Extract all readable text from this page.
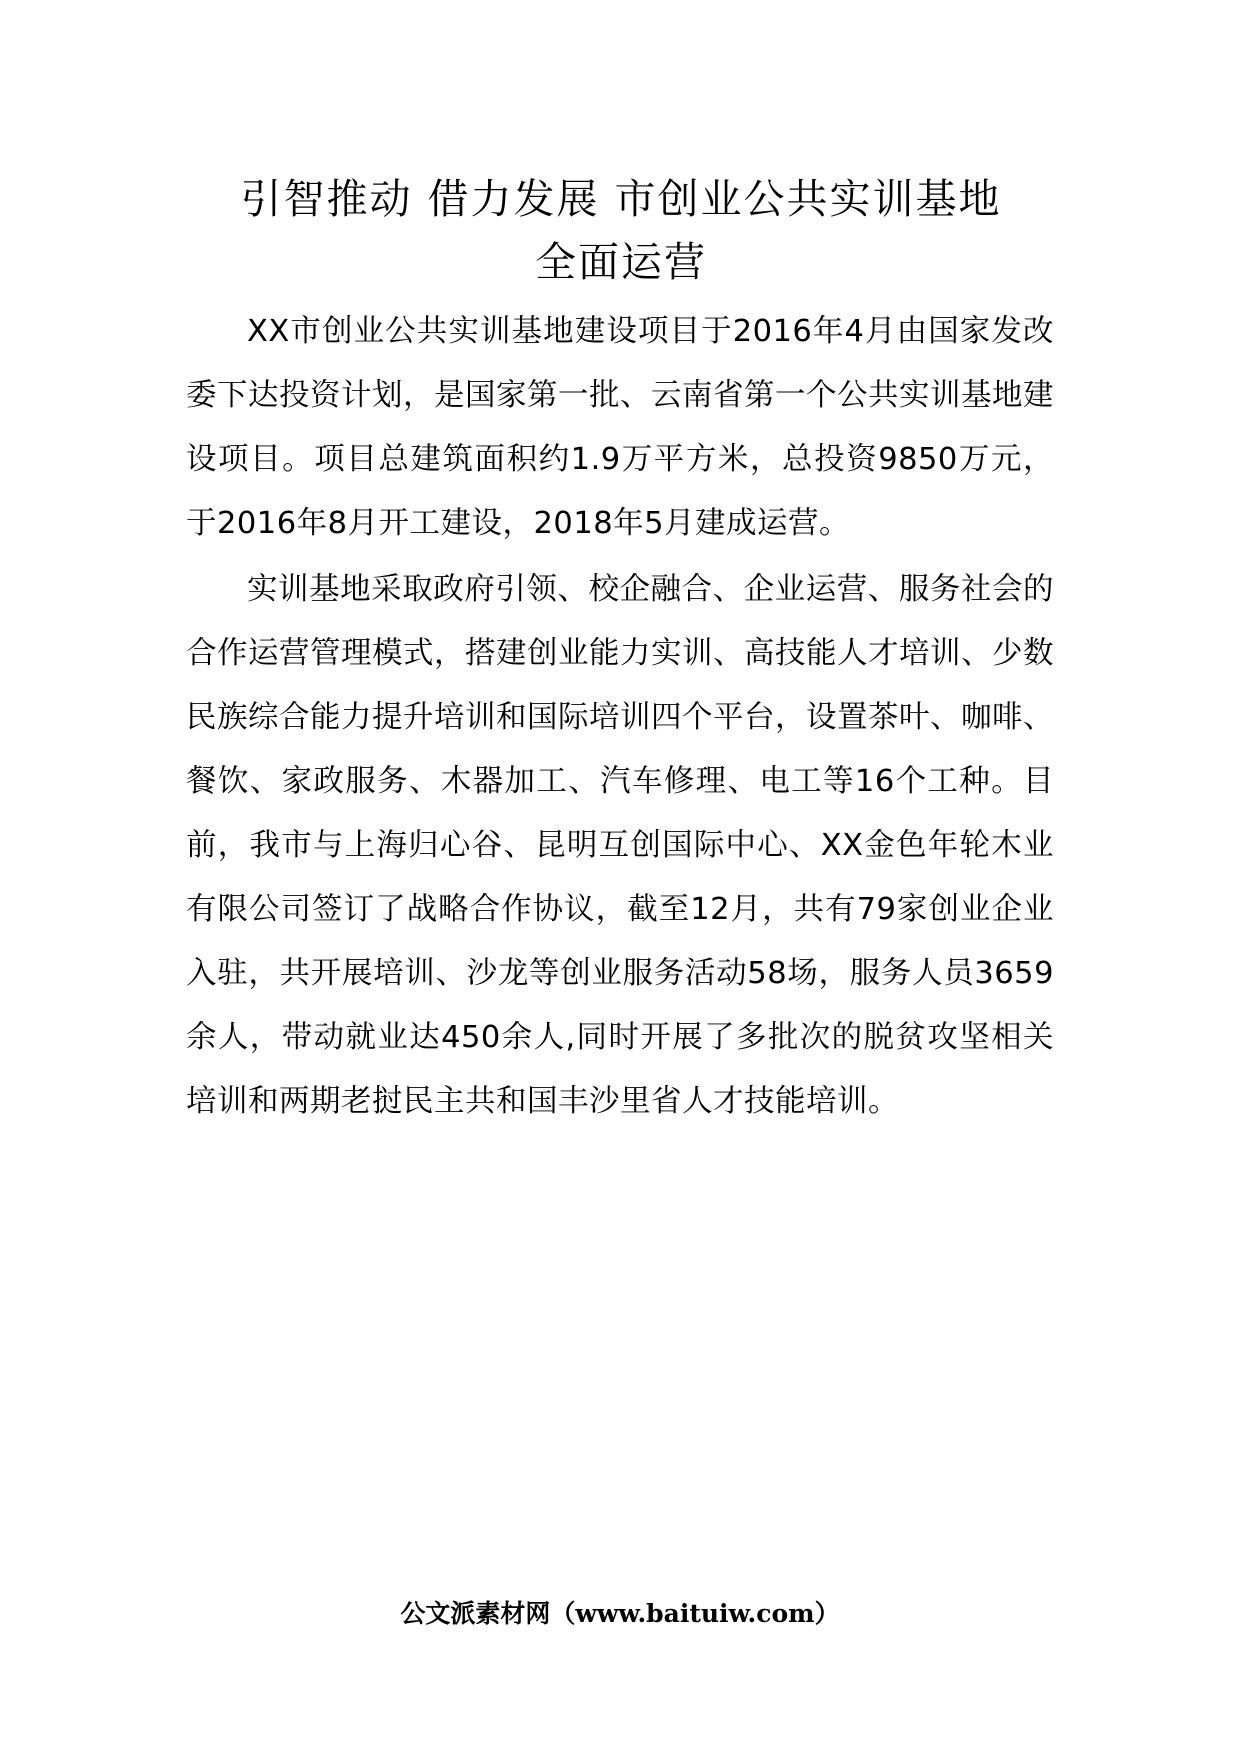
引智推动 借力发展 市创业公共实训基地
全面运营

XX市创业公共实训基地建设项目于2016年4月由国家发改委下达投资计划，是国家第一批、云南省第一个公共实训基地建设项目。项目总建筑面积约1.9万平方米，总投资9850万元，于2016年8月开工建设，2018年5月建成运营。

实训基地采取政府引领、校企融合、企业运营、服务社会的合作运营管理模式，搭建创业能力实训、高技能人才培训、少数民族综合能力提升培训和国际培训四个平台，设置茶叶、咖啡、餐饮、家政服务、木器加工、汽车修理、电工等16个工种。目前，我市与上海归心谷、昆明互创国际中心、XX金色年轮木业有限公司签订了战略合作协议，截至12月，共有79家创业企业入驻，共开展培训、沙龙等创业服务活动58场，服务人员3659余人，带动就业达450余人,同时开展了多批次的脱贫攻坚相关培训和两期老挝民主共和国丰沙里省人才技能培训。

公文派素材网（www.baituiw.com）
